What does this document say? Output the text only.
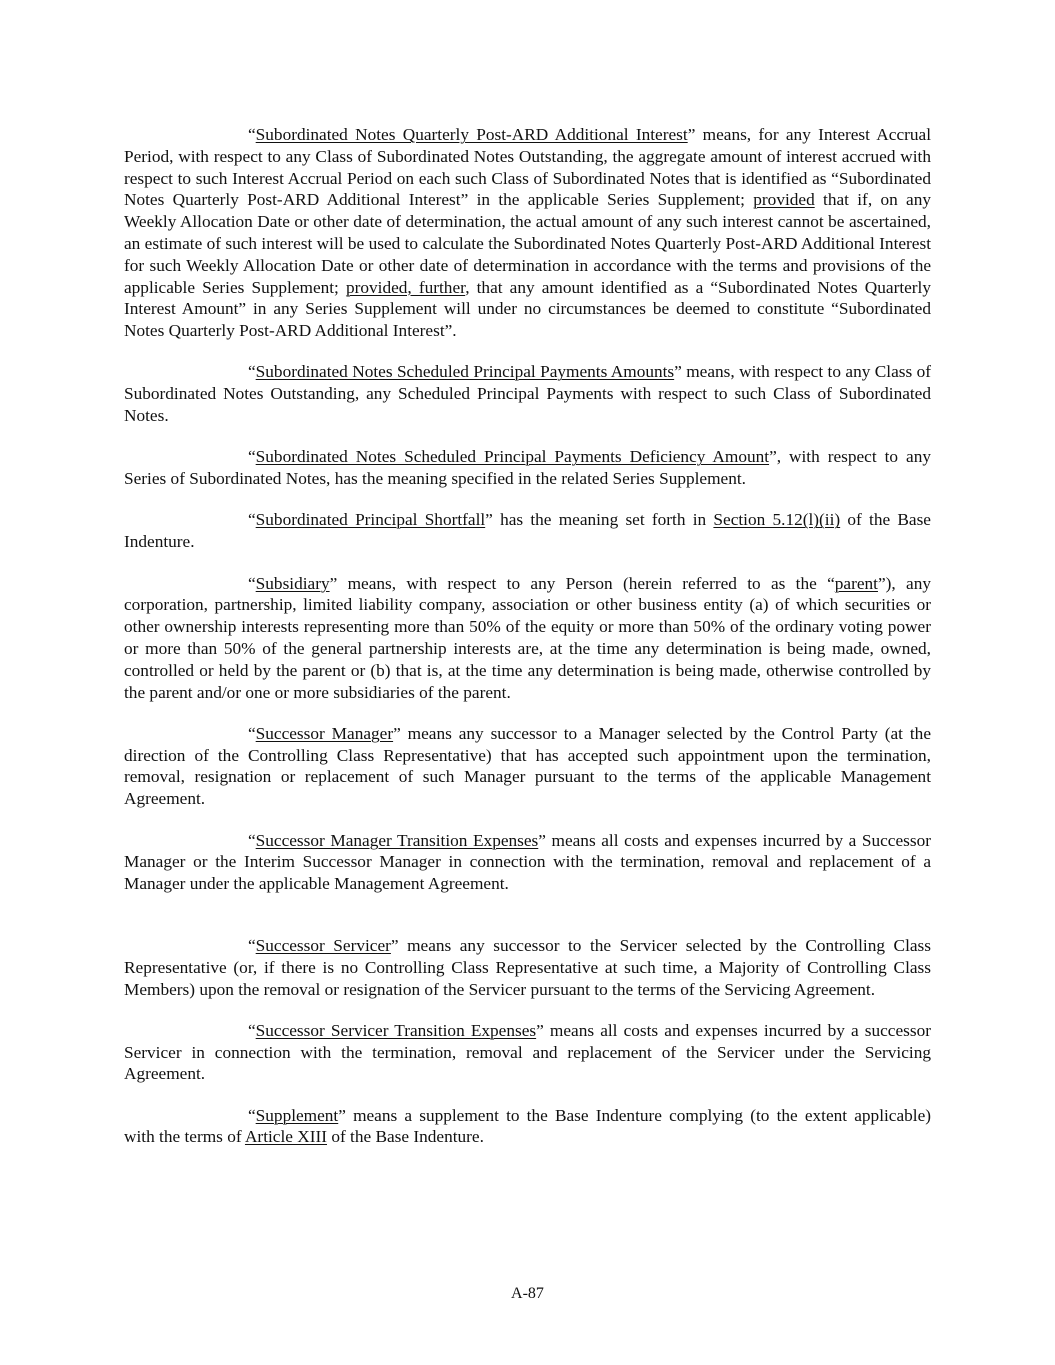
“Subordinated Notes Quarterly Post-ARD Additional Interest” means, for any Interest Accrual Period, with respect to any Class of Subordinated Notes Outstanding, the aggregate amount of interest accrued with respect to such Interest Accrual Period on each such Class of Subordinated Notes that is identified as “Subordinated Notes Quarterly Post-ARD Additional Interest” in the applicable Series Supplement; provided that if, on any Weekly Allocation Date or other date of determination, the actual amount of any such interest cannot be ascertained, an estimate of such interest will be used to calculate the Subordinated Notes Quarterly Post-ARD Additional Interest for such Weekly Allocation Date or other date of determination in accordance with the terms and provisions of the applicable Series Supplement; provided, further, that any amount identified as a “Subordinated Notes Quarterly Interest Amount” in any Series Supplement will under no circumstances be deemed to constitute “Subordinated Notes Quarterly Post-ARD Additional Interest”.

“Subordinated Notes Scheduled Principal Payments Amounts” means, with respect to any Class of Subordinated Notes Outstanding, any Scheduled Principal Payments with respect to such Class of Subordinated Notes.

“Subordinated Notes Scheduled Principal Payments Deficiency Amount”, with respect to any Series of Subordinated Notes, has the meaning specified in the related Series Supplement.

“Subordinated Principal Shortfall” has the meaning set forth in Section 5.12(l)(ii) of the Base Indenture.

“Subsidiary” means, with respect to any Person (herein referred to as the “parent”), any corporation, partnership, limited liability company, association or other business entity (a) of which securities or other ownership interests representing more than 50% of the equity or more than 50% of the ordinary voting power or more than 50% of the general partnership interests are, at the time any determination is being made, owned, controlled or held by the parent or (b) that is, at the time any determination is being made, otherwise controlled by the parent and/or one or more subsidiaries of the parent.

“Successor Manager” means any successor to a Manager selected by the Control Party (at the direction of the Controlling Class Representative) that has accepted such appointment upon the termination, removal, resignation or replacement of such Manager pursuant to the terms of the applicable Management Agreement.

“Successor Manager Transition Expenses” means all costs and expenses incurred by a Successor Manager or the Interim Successor Manager in connection with the termination, removal and replacement of a Manager under the applicable Management Agreement.

“Successor Servicer” means any successor to the Servicer selected by the Controlling Class Representative (or, if there is no Controlling Class Representative at such time, a Majority of Controlling Class Members) upon the removal or resignation of the Servicer pursuant to the terms of the Servicing Agreement.

“Successor Servicer Transition Expenses” means all costs and expenses incurred by a successor Servicer in connection with the termination, removal and replacement of the Servicer under the Servicing Agreement.

“Supplement” means a supplement to the Base Indenture complying (to the extent applicable) with the terms of Article XIII of the Base Indenture.

A-87
